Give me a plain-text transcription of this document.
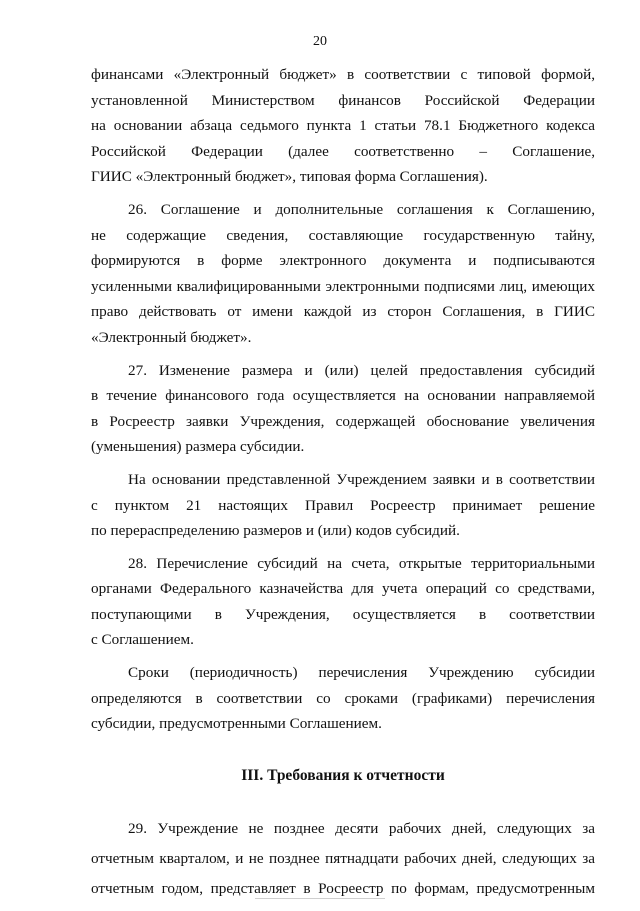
20
финансами «Электронный бюджет» в соответствии с типовой формой,
установленной Министерством финансов Российской Федерации
на основании абзаца седьмого пункта 1 статьи 78.1 Бюджетного кодекса
Российской Федерации (далее соответственно – Соглашение,
ГИИС «Электронный бюджет», типовая форма Соглашения).
26. Соглашение и дополнительные соглашения к Соглашению,
не содержащие сведения, составляющие государственную тайну,
формируются в форме электронного документа и подписываются
усиленными квалифицированными электронными подписями лиц, имеющих
право действовать от имени каждой из сторон Соглашения, в ГИИС
«Электронный бюджет».
27. Изменение размера и (или) целей предоставления субсидий
в течение финансового года осуществляется на основании направляемой
в Росреестр заявки Учреждения, содержащей обоснование увеличения
(уменьшения) размера субсидии.
На основании представленной Учреждением заявки и в соответствии
с пунктом 21 настоящих Правил Росреестр принимает решение
по перераспределению размеров и (или) кодов субсидий.
28. Перечисление субсидий на счета, открытые территориальными
органами Федерального казначейства для учета операций со средствами,
поступающими в Учреждения, осуществляется в соответствии
с Соглашением.
Сроки (периодичность) перечисления Учреждению субсидии
определяются в соответствии со сроками (графиками) перечисления
субсидии, предусмотренными Соглашением.
III. Требования к отчетности
29. Учреждение не позднее десяти рабочих дней, следующих за
отчетным кварталом, и не позднее пятнадцати рабочих дней, следующих за
отчетным годом, представляет в Росреестр по формам, предусмотренным
